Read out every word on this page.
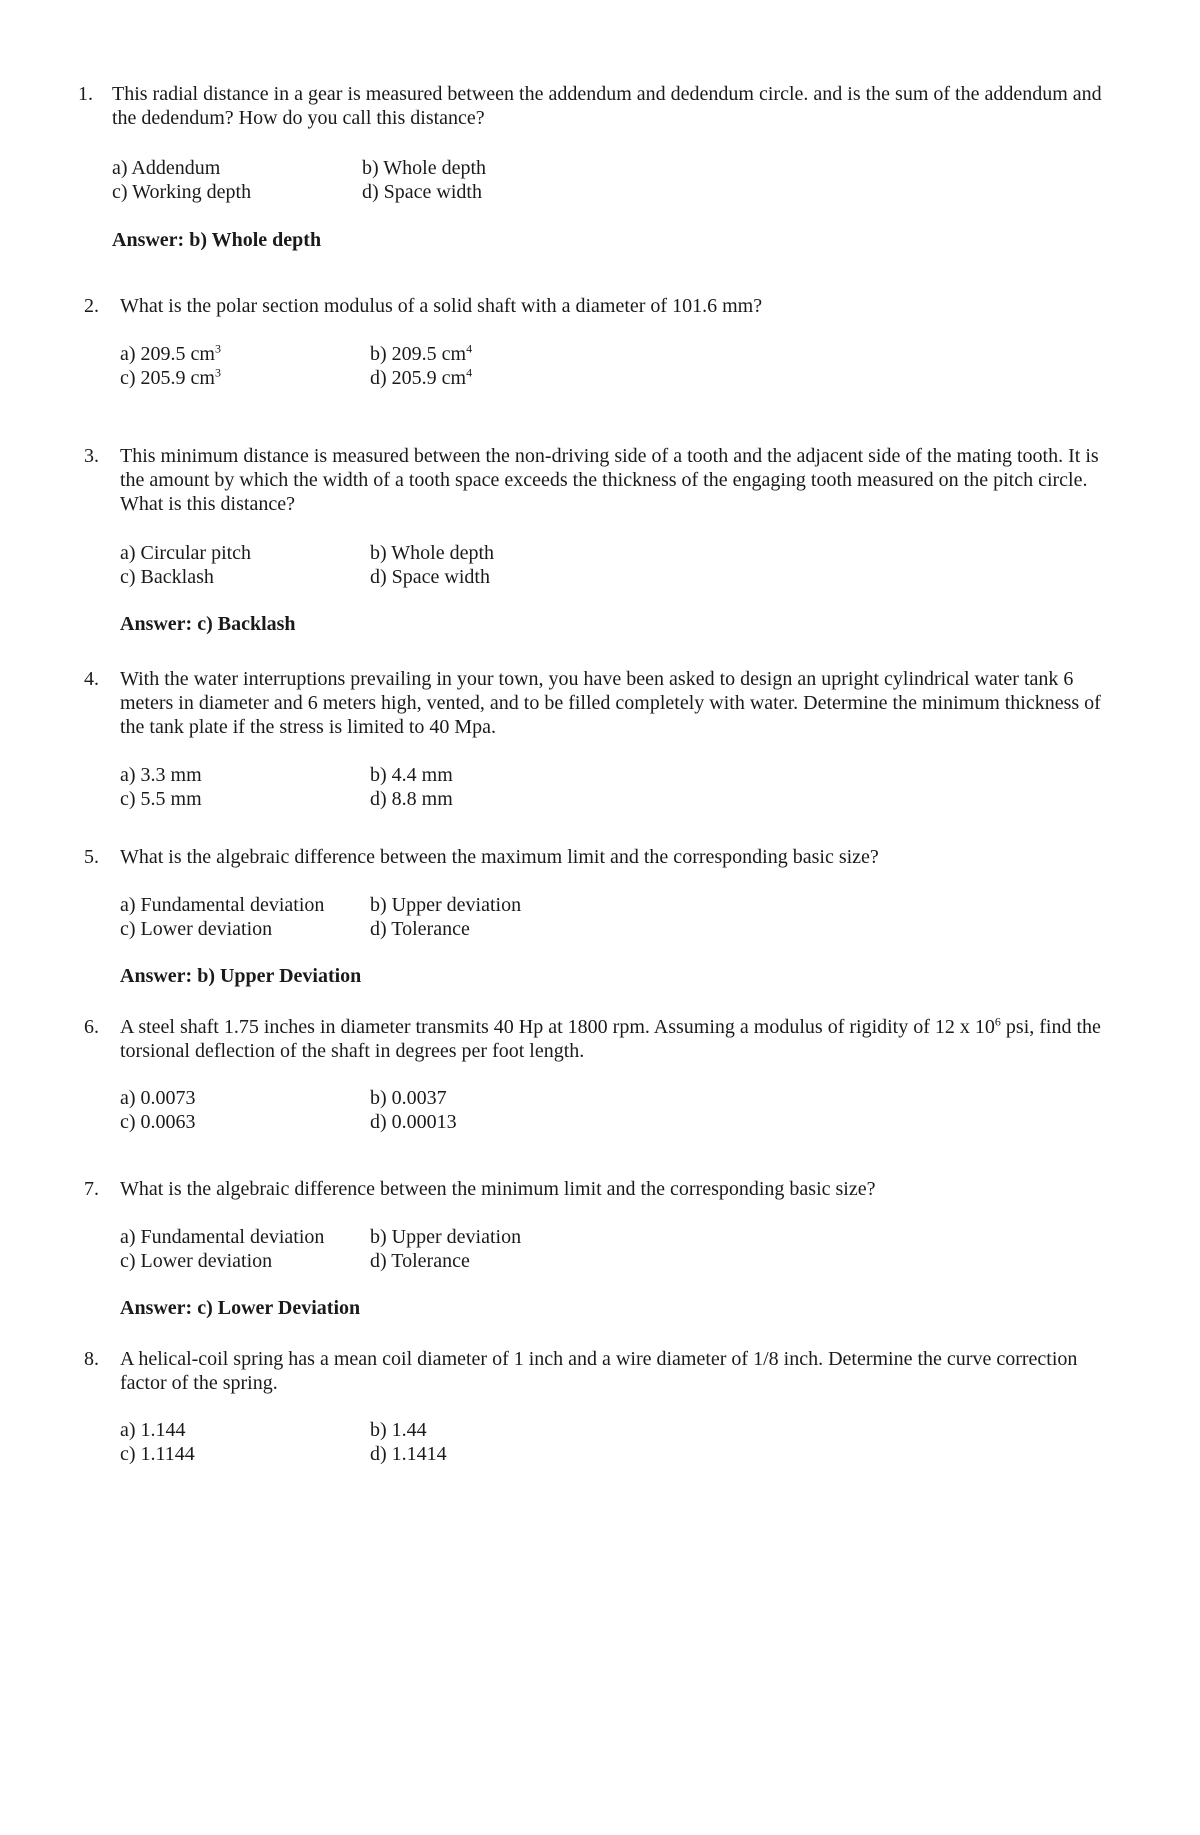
1. This radial distance in a gear is measured between the addendum and dedendum circle. and is the sum of the addendum and the dedendum? How do you call this distance?
a) Addendum	b) Whole depth
c) Working depth	d) Space width
Answer: b) Whole depth
2.	What is the polar section modulus of a solid shaft with a diameter of 101.6 mm?
a) 209.5 $cm^3$	b) 209.5 $cm^4$
c) 205.9 $cm^3$	d) 205.9 $cm^4$
3.	This minimum distance is measured between the non-driving side of a tooth and the adjacent side of the mating tooth. It is the amount by which the width of a tooth space exceeds the thickness of the engaging tooth measured on the pitch circle. What is this distance?
a) Circular pitch	b) Whole depth
c) Backlash	d) Space width
Answer: c) Backlash
4.	With the water interruptions prevailing in your town, you have been asked to design an upright cylindrical water tank 6 meters in diameter and 6 meters high, vented, and to be filled completely with water. Determine the minimum thickness of the tank plate if the stress is limited to 40 Mpa.
a) 3.3 mm	b) 4.4 mm
c) 5.5 mm	d) 8.8 mm
5.	What is the algebraic difference between the maximum limit and the corresponding basic size?
a) Fundamental deviation b) Upper deviation
c) Lower deviation	d) Tolerance
Answer: b) Upper Deviation
6.	A steel shaft 1.75 inches in diameter transmits 40 Hp at 1800 rpm. Assuming a modulus of rigidity of 12 x $10^6$ psi, find the torsional deflection of the shaft in degrees per foot length.
a) 0.0073	b) 0.0037
c) 0.0063	d) 0.00013
7.	What is the algebraic difference between the minimum limit and the corresponding basic size?
a) Fundamental deviation b) Upper deviation
c) Lower deviation	d) Tolerance
Answer: c) Lower Deviation
8.	A helical-coil spring has a mean coil diameter of 1 inch and a wire diameter of 1/8 inch. Determine the curve correction factor of the spring.
a) 1.144	b) 1.44
c) 1.1144	d) 1.1414
